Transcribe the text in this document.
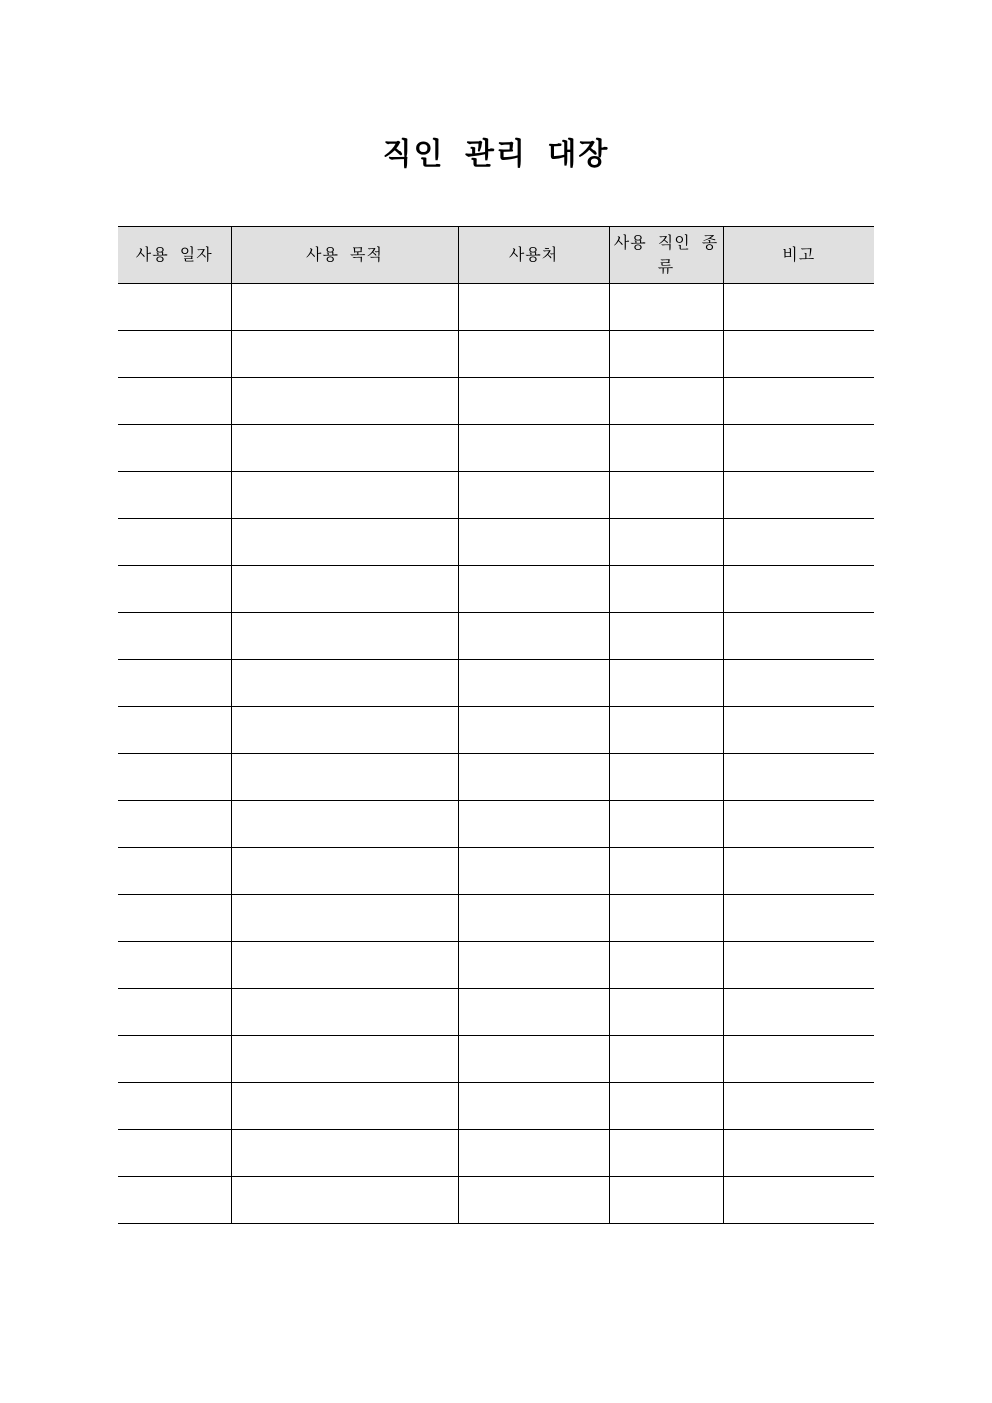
직인 관리 대장
사용 일자	사용 목적	사용처	사용 직인 종류	비고
